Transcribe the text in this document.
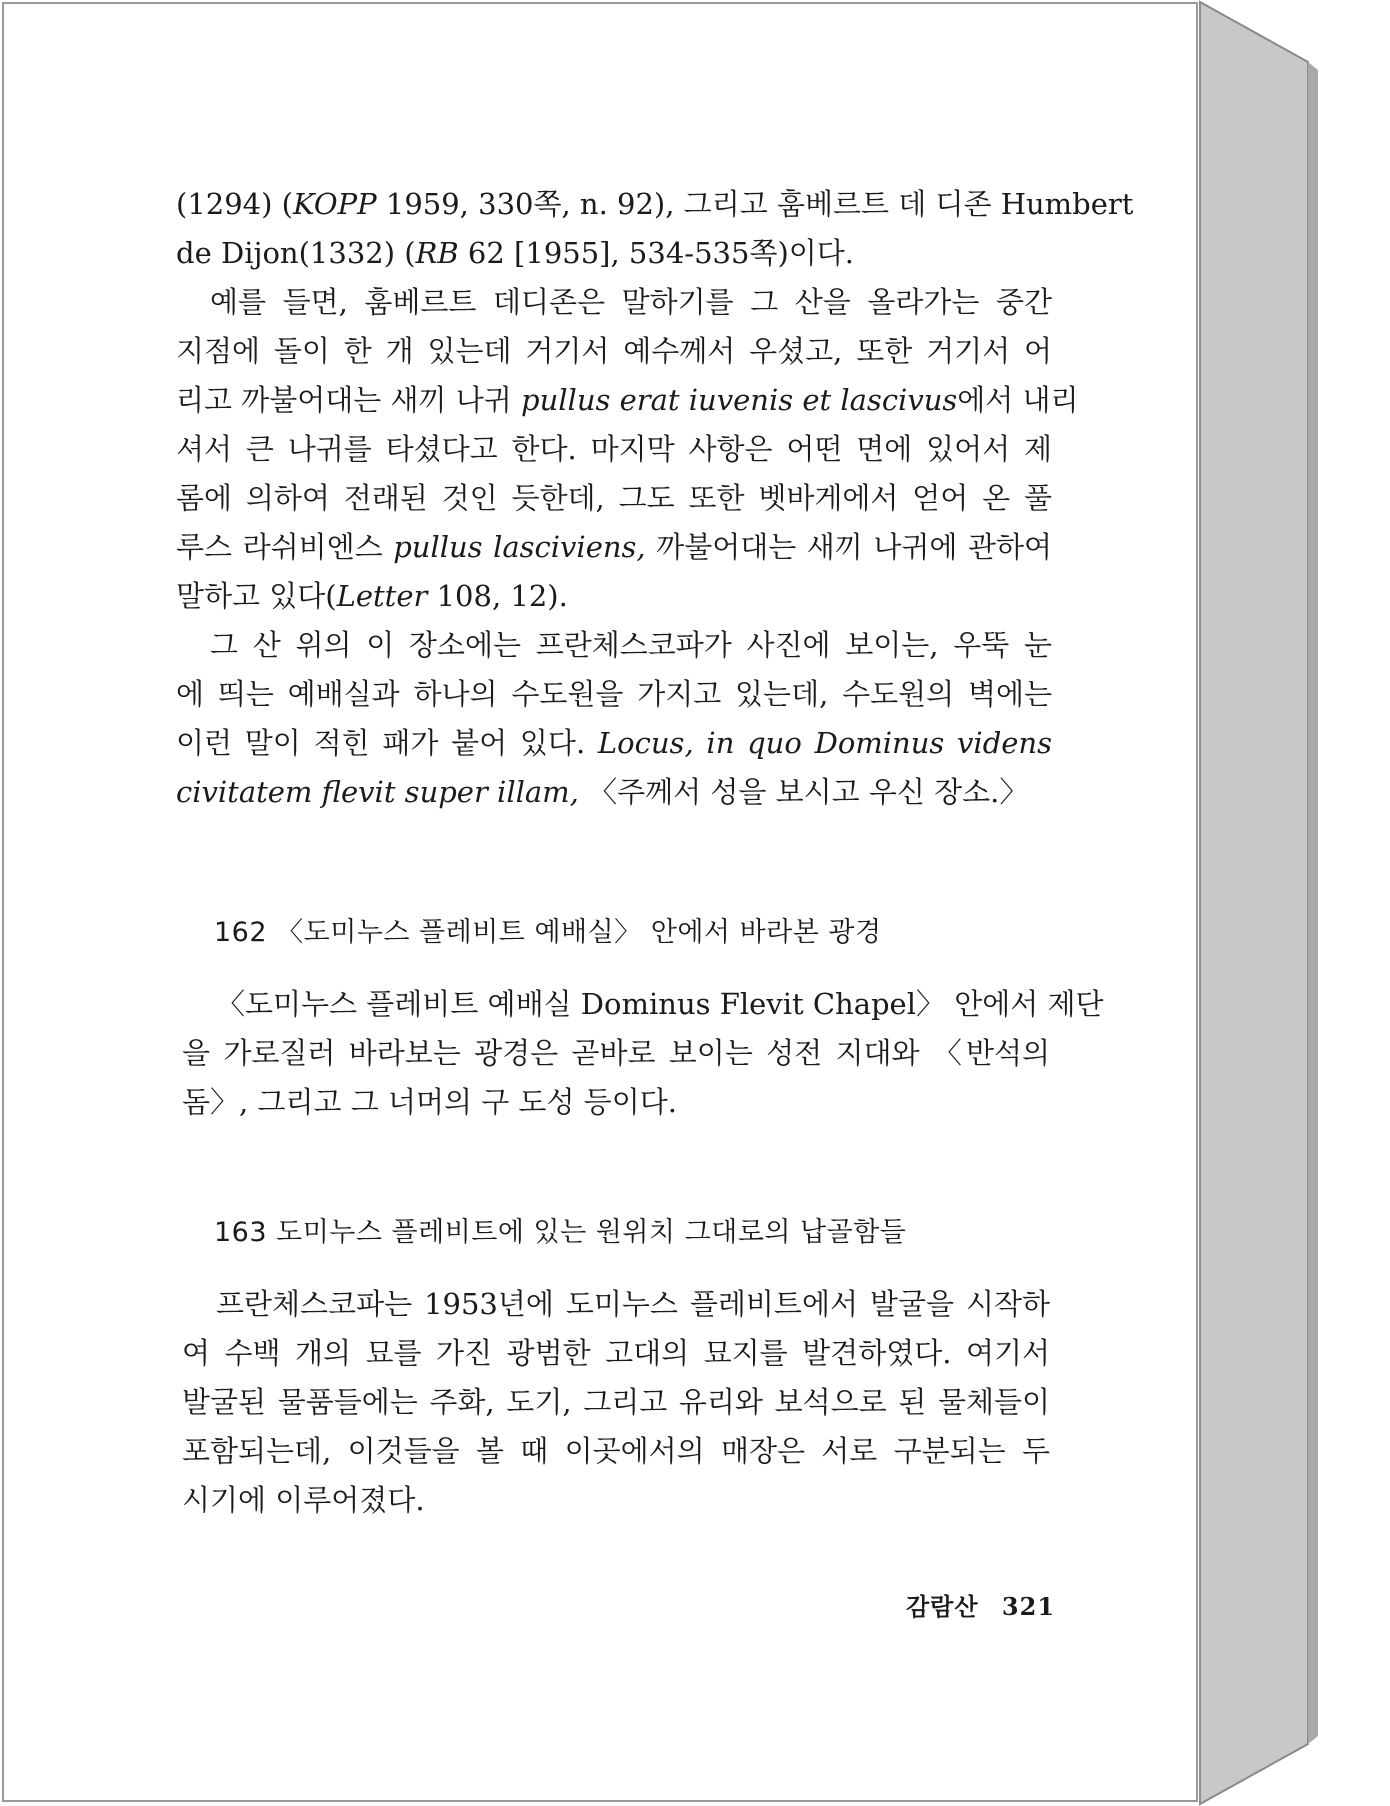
(1294) (KOPP 1959, 330쪽, n. 92), 그리고 훔베르트 데 디존 Humbert
de Dijon(1332) (RB 62 [1955], 534-535쪽)이다.

예를 들면, 훔베르트 데디존은 말하기를 그 산을 올라가는 중간
지점에 돌이 한 개 있는데 거기서 예수께서 우셨고, 또한 거기서 어
리고 까불어대는 새끼 나귀 pullus erat iuvenis et lascivus에서 내리
셔서 큰 나귀를 타셨다고 한다. 마지막 사항은 어떤 면에 있어서 제
롬에 의하여 전래된 것인 듯한데, 그도 또한 벳바게에서 얻어 온 풀
루스 라쉬비엔스 pullus lasciviens, 까불어대는 새끼 나귀에 관하여
말하고 있다(Letter 108, 12).

그 산 위의 이 장소에는 프란체스코파가 사진에 보이는, 우뚝 눈
에 띄는 예배실과 하나의 수도원을 가지고 있는데, 수도원의 벽에는
이런 말이 적힌 패가 붙어 있다. Locus, in quo Dominus videns
civitatem flevit super illam, 〈주께서 성을 보시고 우신 장소.〉

162 〈도미누스 플레비트 예배실〉 안에서 바라본 광경
〈도미누스 플레비트 예배실 Dominus Flevit Chapel〉 안에서 제단
을 가로질러 바라보는 광경은 곧바로 보이는 성전 지대와 〈반석의
돔〉, 그리고 그 너머의 구 도성 등이다.
163 도미누스 플레비트에 있는 원위치 그대로의 납골함들
프란체스코파는 1953년에 도미누스 플레비트에서 발굴을 시작하
여 수백 개의 묘를 가진 광범한 고대의 묘지를 발견하였다. 여기서
발굴된 물품들에는 주화, 도기, 그리고 유리와 보석으로 된 물체들이
포함되는데, 이것들을 볼 때 이곳에서의 매장은 서로 구분되는 두
시기에 이루어졌다.
감람산 321
